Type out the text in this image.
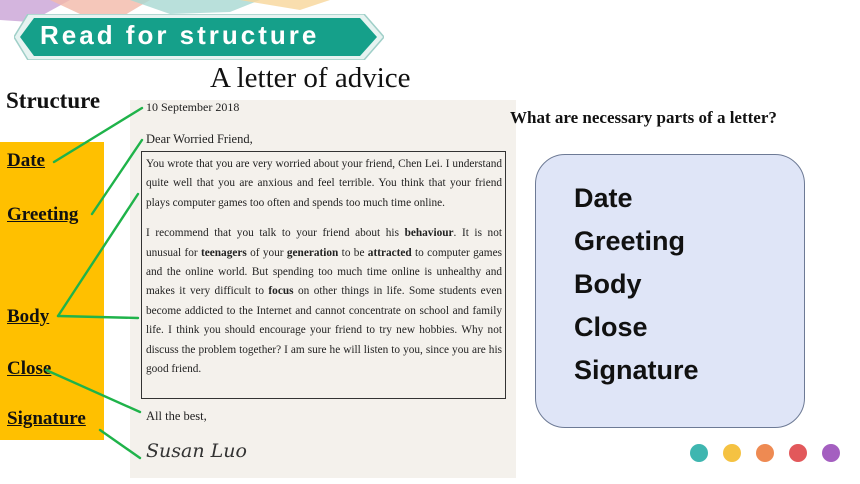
Read for structure
A letter of advice
Structure
Date
Greeting
Body
Close
Signature
10 September 2018
Dear Worried Friend,

You wrote that you are very worried about your friend, Chen Lei. I understand quite well that you are anxious and feel terrible. You think that your friend plays computer games too often and spends too much time online.

I recommend that you talk to your friend about his behaviour. It is not unusual for teenagers of your generation to be attracted to computer games and the online world. But spending too much time online is unhealthy and makes it very difficult to focus on other things in life. Some students even become addicted to the Internet and cannot concentrate on school and family life. I think you should encourage your friend to try new hobbies. Why not discuss the problem together? I am sure he will listen to you, since you are his good friend.

All the best,
Susan Luo
What are necessary parts of a letter?
Date
Greeting
Body
Close
Signature
